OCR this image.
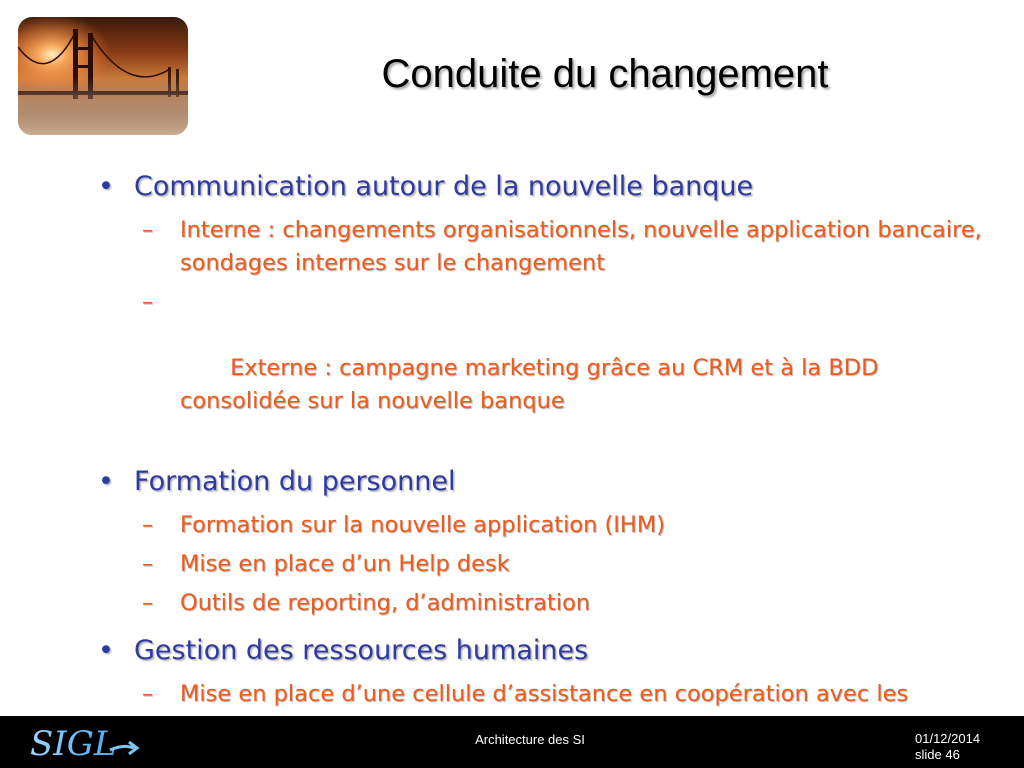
Conduite du changement
• Communication autour de la nouvelle banque
– Interne : changements organisationnels, nouvelle application bancaire, sondages internes sur le changement

–

Externe : campagne marketing grâce au CRM et à la BDD consolidée sur la nouvelle banque

• Formation du personnel
– Formation sur la nouvelle application (IHM)
– Mise en place d’un Help desk
– Outils de reporting, d’administration
• Gestion des ressources humaines
– Mise en place d’une cellule d’assistance en coopération avec les
SIGL	Architecture des SI	01/12/2014
slide 46
